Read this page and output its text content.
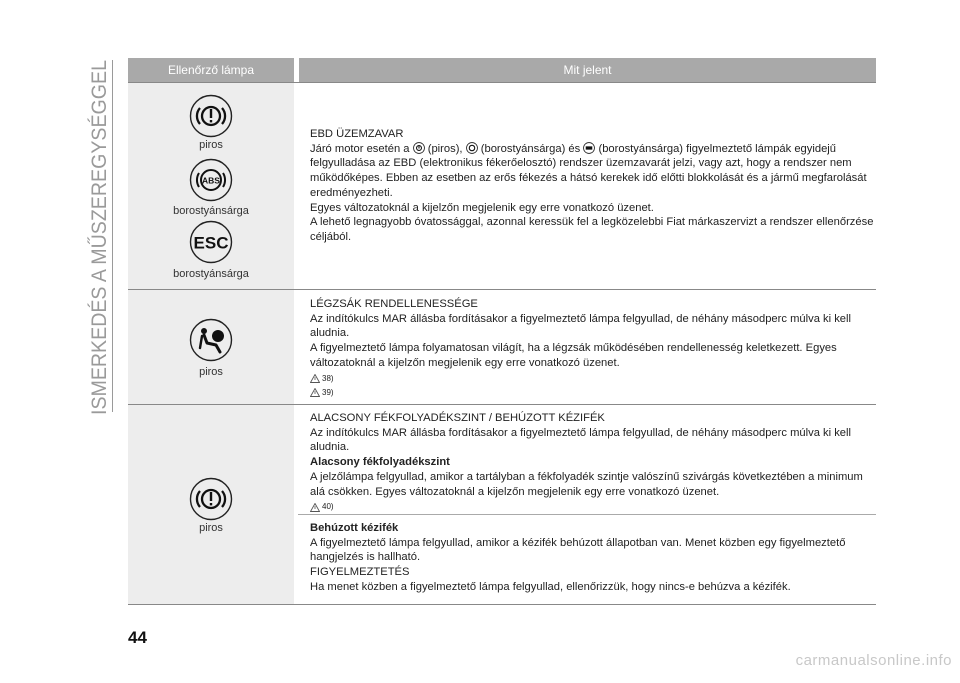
ISMERKEDÉS A MŰSZEREGYSÉGGEL	Ellenőrző lámpa	Mit jelent
piros
ABS
borostyánsárga
ESC
borostyánsárga

EBD ÜZEMZAVAR

Járó motor esetén a (piros), (borostyánsárga) és (borostyánsárga) figyelmeztető lámpák egyidejű felgyulladása az EBD (elektronikus fékerőelosztó) rendszer üzemzavarát jelzi, vagy azt, hogy a rendszer nem működőképes. Ebben az esetben az erős fékezés a hátsó kerekek idő előtti blokkolását és a jármű megfarolását eredményezheti.

Egyes változatoknál a kijelzőn megjelenik egy erre vonatkozó üzenet.

A lehető legnagyobb óvatossággal, azonnal keressük fel a legközelebbi Fiat márkaszervizt a rendszer ellenőrzése céljából.

piros

LÉGZSÁK RENDELLENESSÉGE

Az indítókulcs MAR állásba fordításakor a figyelmeztető lámpa felgyullad, de néhány másodperc múlva ki kell aludnia.

A figyelmeztető lámpa folyamatosan világít, ha a légzsák működésében rendellenesség keletkezett. Egyes változatoknál a kijelzőn megjelenik egy erre vonatkozó üzenet.

38)
39)
piros

ALACSONY FÉKFOLYADÉKSZINT / BEHÚZOTT KÉZIFÉK

Az indítókulcs MAR állásba fordításakor a figyelmeztető lámpa felgyullad, de néhány másodperc múlva ki kell aludnia.

Alacsony fékfolyadékszint

A jelzőlámpa felgyullad, amikor a tartályban a fékfolyadék szintje valószínű szivárgás következtében a minimum alá csökken. Egyes változatoknál a kijelzőn megjelenik egy erre vonatkozó üzenet.

40)

Behúzott kézifék

A figyelmeztető lámpa felgyullad, amikor a kézifék behúzott állapotban van. Menet közben egy figyelmeztető hangjelzés is hallható.

FIGYELMEZTETÉS

Ha menet közben a figyelmeztető lámpa felgyullad, ellenőrizzük, hogy nincs-e behúzva a kézifék.

44
carmanualsonline.info
